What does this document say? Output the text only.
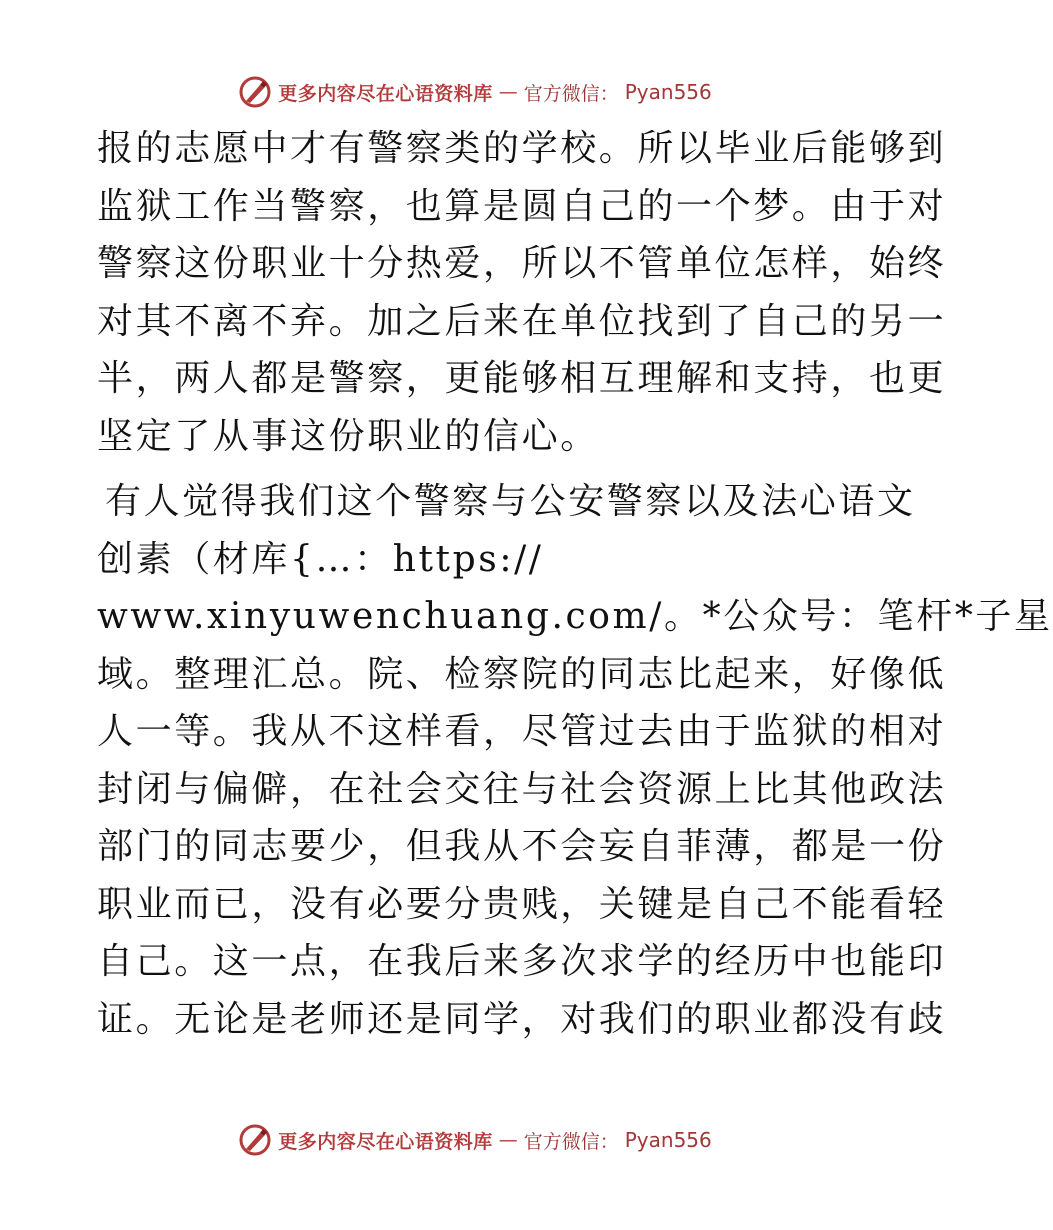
更多内容尽在心语资料库 — 官方微信： Pyan556

报的志愿中才有警察类的学校。所以毕业后能够到
监狱工作当警察，也算是圆自己的一个梦。由于对
警察这份职业十分热爱，所以不管单位怎样，始终
对其不离不弃。加之后来在单位找到了自己的另一
半，两人都是警察，更能够相互理解和支持，也更
坚定了从事这份职业的信心。

有人觉得我们这个警察与公安警察以及法心语文
创素（材库{…：https://
www.xinyuwenchuang.com/。*公众号：笔杆*子星
域。整理汇总。院、检察院的同志比起来，好像低
人一等。我从不这样看，尽管过去由于监狱的相对
封闭与偏僻，在社会交往与社会资源上比其他政法
部门的同志要少，但我从不会妄自菲薄，都是一份
职业而已，没有必要分贵贱，关键是自己不能看轻
自己。这一点，在我后来多次求学的经历中也能印
证。无论是老师还是同学，对我们的职业都没有歧

更多内容尽在心语资料库 — 官方微信： Pyan556
